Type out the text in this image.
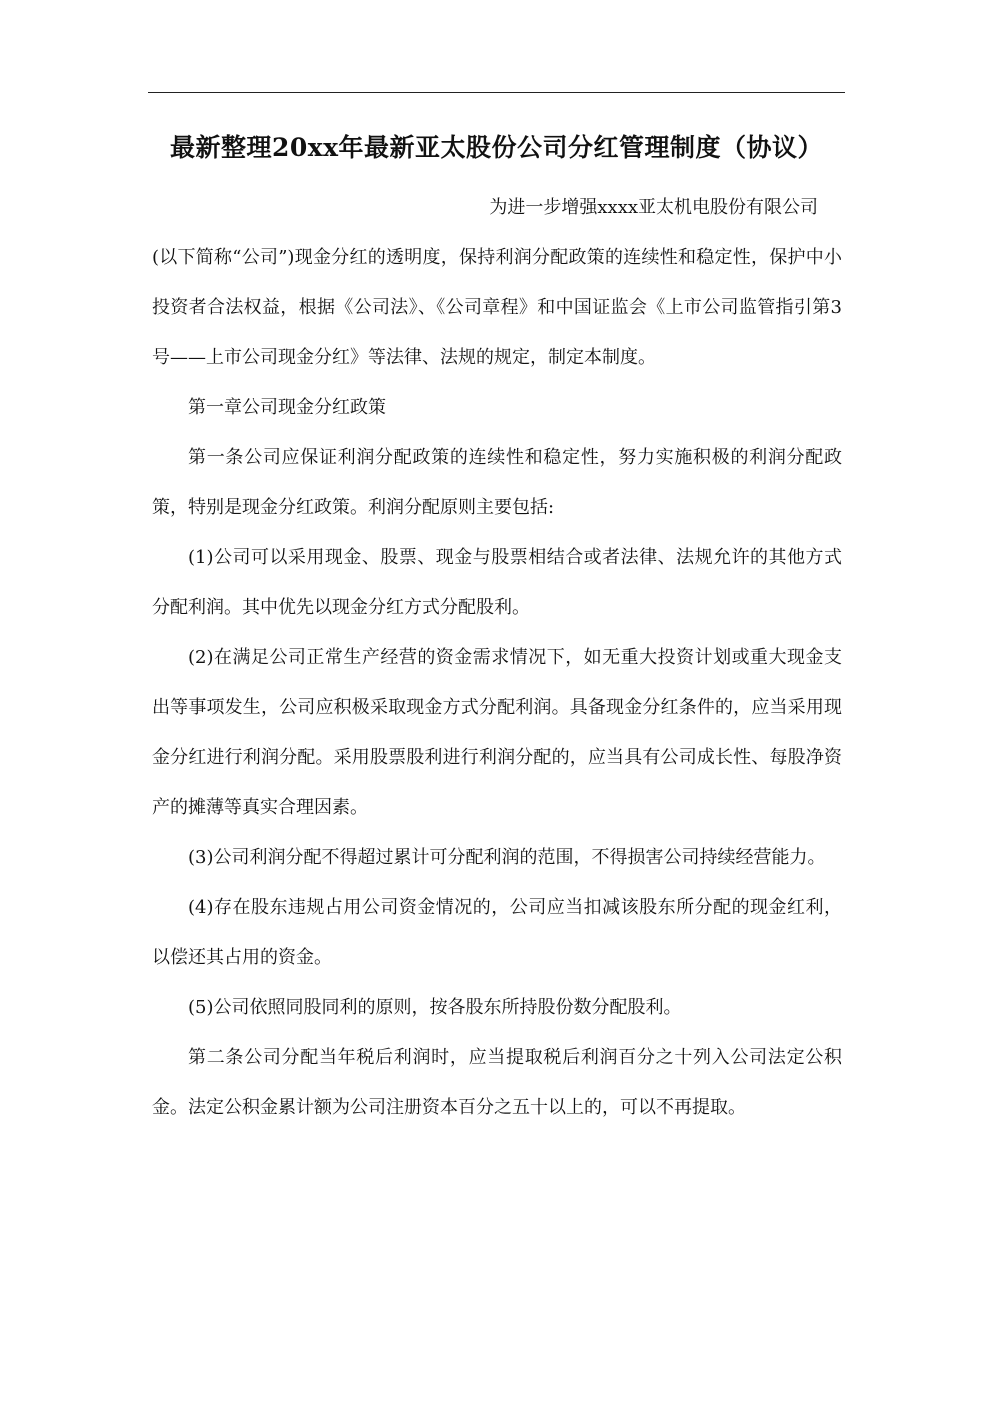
最新整理20xx年最新亚太股份公司分红管理制度（协议）

为进一步增强xxxx亚太机电股份有限公司

(以下简称“公司”)现金分红的透明度，保持利润分配政策的连续性和稳定性，保护中小投资者合法权益，根据《公司法》、《公司章程》和中国证监会《上市公司监管指引第3号——上市公司现金分红》等法律、法规的规定，制定本制度。

第一章公司现金分红政策

第一条公司应保证利润分配政策的连续性和稳定性，努力实施积极的利润分配政策，特别是现金分红政策。利润分配原则主要包括:

(1)公司可以采用现金、股票、现金与股票相结合或者法律、法规允许的其他方式分配利润。其中优先以现金分红方式分配股利。

(2)在满足公司正常生产经营的资金需求情况下，如无重大投资计划或重大现金支出等事项发生，公司应积极采取现金方式分配利润。具备现金分红条件的，应当采用现金分红进行利润分配。采用股票股利进行利润分配的，应当具有公司成长性、每股净资产的摊薄等真实合理因素。

(3)公司利润分配不得超过累计可分配利润的范围，不得损害公司持续经营能力。

(4)存在股东违规占用公司资金情况的，公司应当扣减该股东所分配的现金红利，以偿还其占用的资金。

(5)公司依照同股同利的原则，按各股东所持股份数分配股利。

第二条公司分配当年税后利润时，应当提取税后利润百分之十列入公司法定公积金。法定公积金累计额为公司注册资本百分之五十以上的，可以不再提取。
